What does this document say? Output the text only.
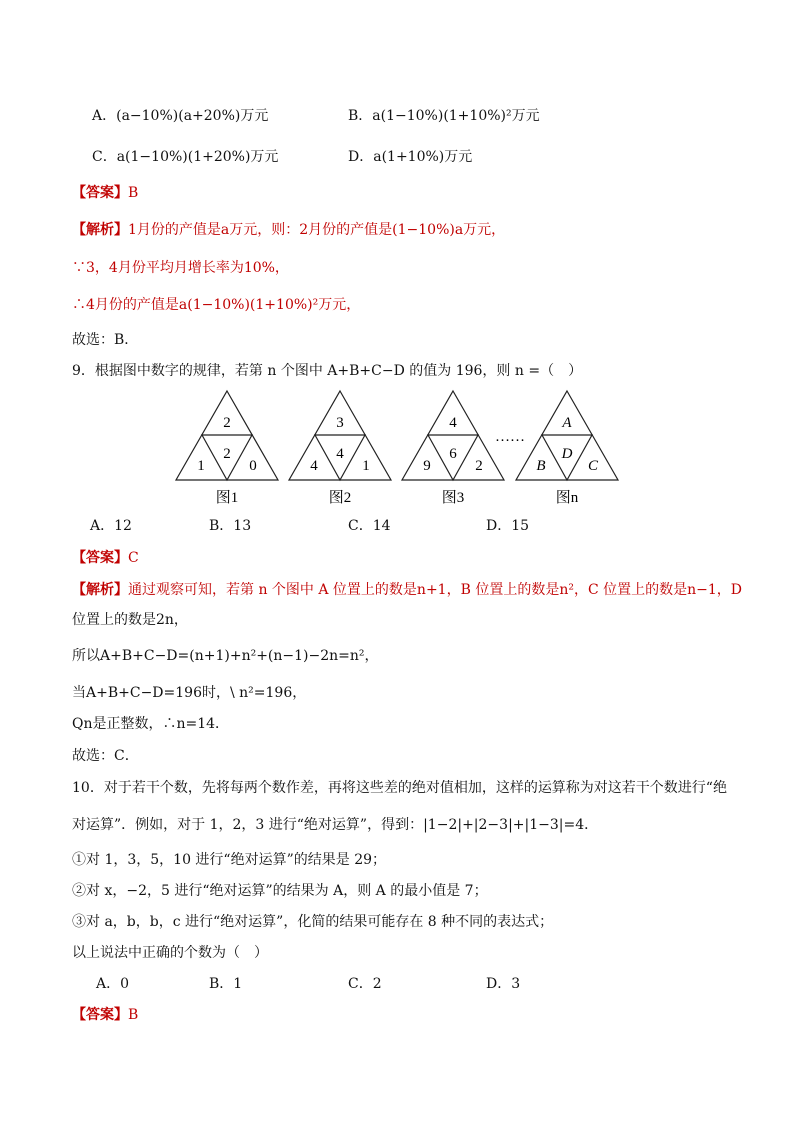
A．(a−10%)(a+20%)万元	B．a(1−10%)(1+10%)²万元
C．a(1−10%)(1+20%)万元	D．a(1+10%)万元
【答案】B
【解析】1月份的产值是a万元，则：2月份的产值是(1−10%)a万元，
∵3，4月份平均月增长率为10%，
∴4月份的产值是a(1−10%)(1+10%)²万元，
故选：B．
9．根据图中数字的规律，若第 n 个图中 A+B+C−D 的值为 196，则 n =（　）
2
2
1	0
图1
3
4
4	1
图2
4
6
9	2
图3
……
A
D
B	C
图n
A．12	B．13	C．14	D．15
【答案】C
【解析】通过观察可知，若第 n 个图中 A 位置上的数是n+1，B 位置上的数是n²，C 位置上的数是n−1，D
位置上的数是2n，
所以A+B+C−D=(n+1)+n²+(n−1)−2n=n²，
当A+B+C−D=196时，\ n²=196，
Qn是正整数，∴n=14．
故选：C．
10．对于若干个数，先将每两个数作差，再将这些差的绝对值相加，这样的运算称为对这若干个数进行“绝
对运算”．例如，对于 1，2，3 进行“绝对运算”，得到：|1−2|+|2−3|+|1−3|=4．
①对 1，3，5，10 进行“绝对运算”的结果是 29；
②对 x，−2，5 进行“绝对运算”的结果为 A，则 A 的最小值是 7；
③对 a，b，b，c 进行“绝对运算”，化简的结果可能存在 8 种不同的表达式；
以上说法中正确的个数为（　）
A．0	B．1	C．2	D．3
【答案】B
